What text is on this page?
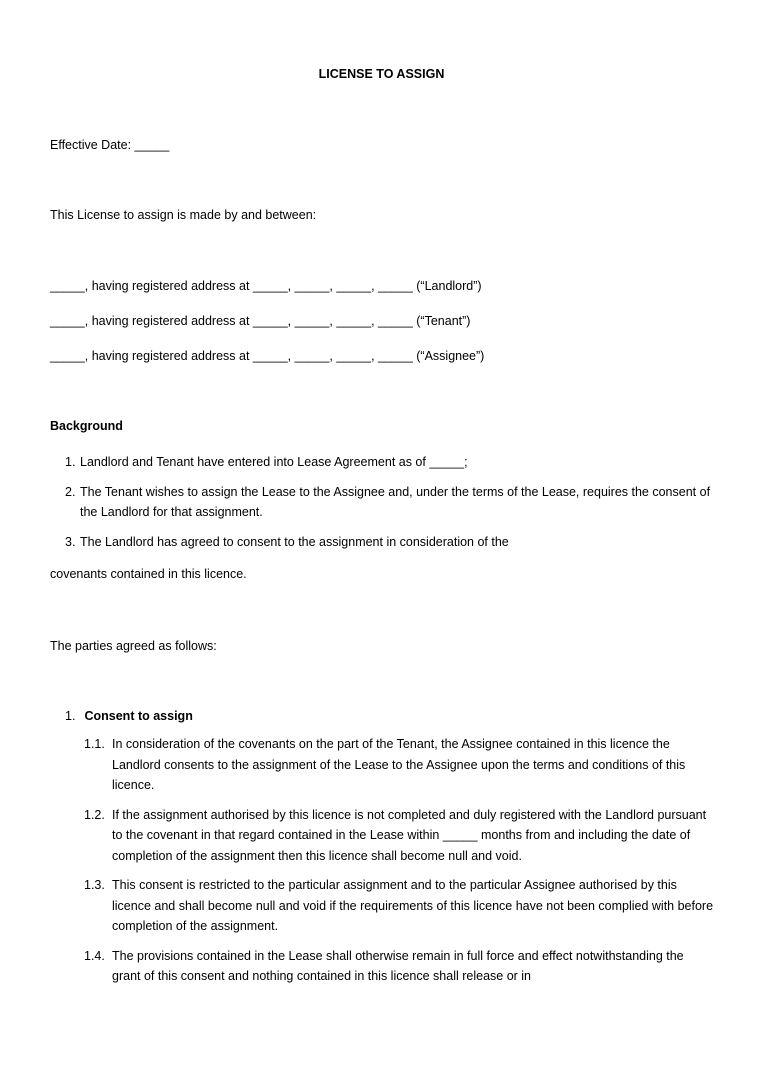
LICENSE TO ASSIGN
Effective Date: _____
This License to assign is made by and between:
_____, having registered address at _____, _____, _____, _____ (“Landlord”)
_____, having registered address at _____, _____, _____, _____ (“Tenant”)
_____, having registered address at _____, _____, _____, _____ (“Assignee”)
Background
1. Landlord and Tenant have entered into Lease Agreement as of _____;
2. The Tenant wishes to assign the Lease to the Assignee and, under the terms of the Lease, requires the consent of the Landlord for that assignment.
3. The Landlord has agreed to consent to the assignment in consideration of the
covenants contained in this licence.
The parties agreed as follows:
1. Consent to assign
1.1. In consideration of the covenants on the part of the Tenant, the Assignee contained in this licence the Landlord consents to the assignment of the Lease to the Assignee upon the terms and conditions of this licence.
1.2. If the assignment authorised by this licence is not completed and duly registered with the Landlord pursuant to the covenant in that regard contained in the Lease within _____ months from and including the date of completion of the assignment then this licence shall become null and void.
1.3. This consent is restricted to the particular assignment and to the particular Assignee authorised by this licence and shall become null and void if the requirements of this licence have not been complied with before completion of the assignment.
1.4. The provisions contained in the Lease shall otherwise remain in full force and effect notwithstanding the grant of this consent and nothing contained in this licence shall release or in
